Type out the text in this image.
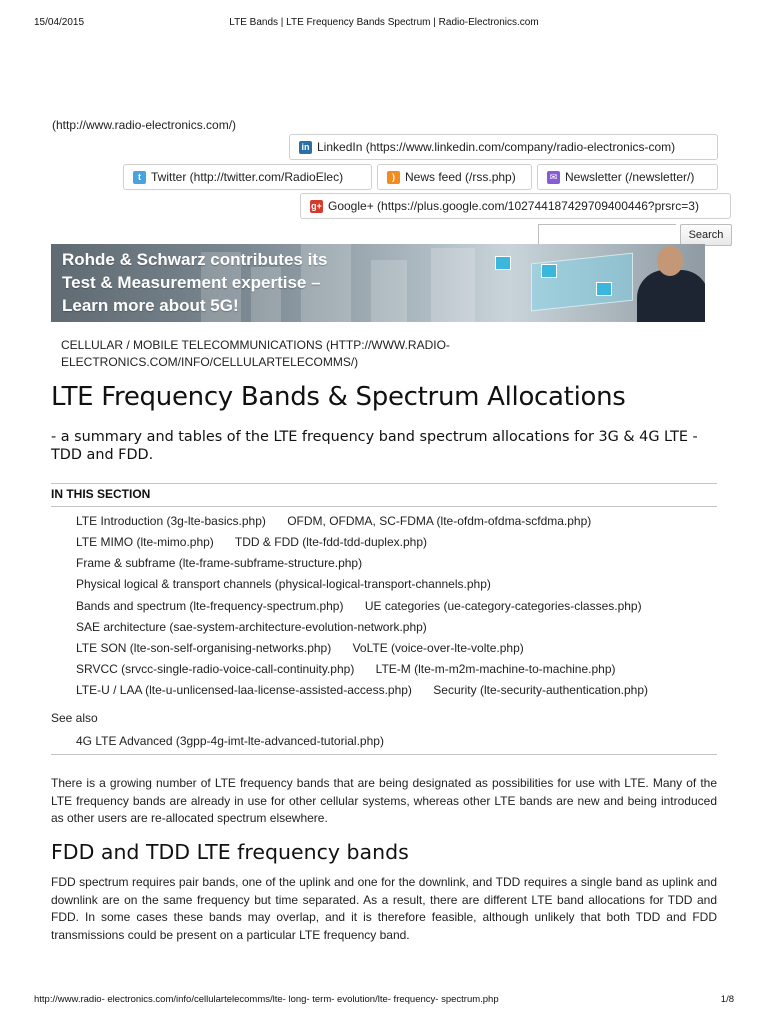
15/04/2015	LTE Bands | LTE Frequency Bands Spectrum | Radio-Electronics.com
(http://www.radio-electronics.com/)
in LinkedIn (https://www.linkedin.com/company/radio-electronics-com)
t Twitter (http://twitter.com/RadioElec)	) News feed (/rss.php)	✉ Newsletter (/newsletter/)
g+ Google+ (https://plus.google.com/102744187429709400446?prsrc=3)
Search
Rohde & Schwarz contributes its
Test & Measurement expertise –
Learn more about 5G!
CELLULAR / MOBILE TELECOMMUNICATIONS (HTTP://WWW.RADIO-ELECTRONICS.COM/INFO/CELLULARTELECOMMS/)
LTE Frequency Bands & Spectrum Allocations

- a summary and tables of the LTE frequency band spectrum allocations for 3G & 4G LTE - TDD and FDD.

IN THIS SECTION
LTE Introduction (3g-lte-basics.php) OFDM, OFDMA, SC-FDMA (lte-ofdm-ofdma-scfdma.php)
LTE MIMO (lte-mimo.php) TDD & FDD (lte-fdd-tdd-duplex.php)
Frame & subframe (lte-frame-subframe-structure.php)
Physical logical & transport channels (physical-logical-transport-channels.php)
Bands and spectrum (lte-frequency-spectrum.php) UE categories (ue-category-categories-classes.php)
SAE architecture (sae-system-architecture-evolution-network.php)
LTE SON (lte-son-self-organising-networks.php) VoLTE (voice-over-lte-volte.php)
SRVCC (srvcc-single-radio-voice-call-continuity.php) LTE-M (lte-m-m2m-machine-to-machine.php)
LTE-U / LAA (lte-u-unlicensed-laa-license-assisted-access.php) Security (lte-security-authentication.php)
See also
4G LTE Advanced (3gpp-4g-imt-lte-advanced-tutorial.php)

There is a growing number of LTE frequency bands that are being designated as possibilities for use with LTE. Many of the LTE frequency bands are already in use for other cellular systems, whereas other LTE bands are new and being introduced as other users are re-allocated spectrum elsewhere.

FDD and TDD LTE frequency bands

FDD spectrum requires pair bands, one of the uplink and one for the downlink, and TDD requires a single band as uplink and downlink are on the same frequency but time separated. As a result, there are different LTE band allocations for TDD and FDD. In some cases these bands may overlap, and it is therefore feasible, although unlikely that both TDD and FDD transmissions could be present on a particular LTE frequency band.

http://www.radio- electronics.com/info/cellulartelecomms/lte- long- term- evolution/lte- frequency- spectrum.php	1/8
